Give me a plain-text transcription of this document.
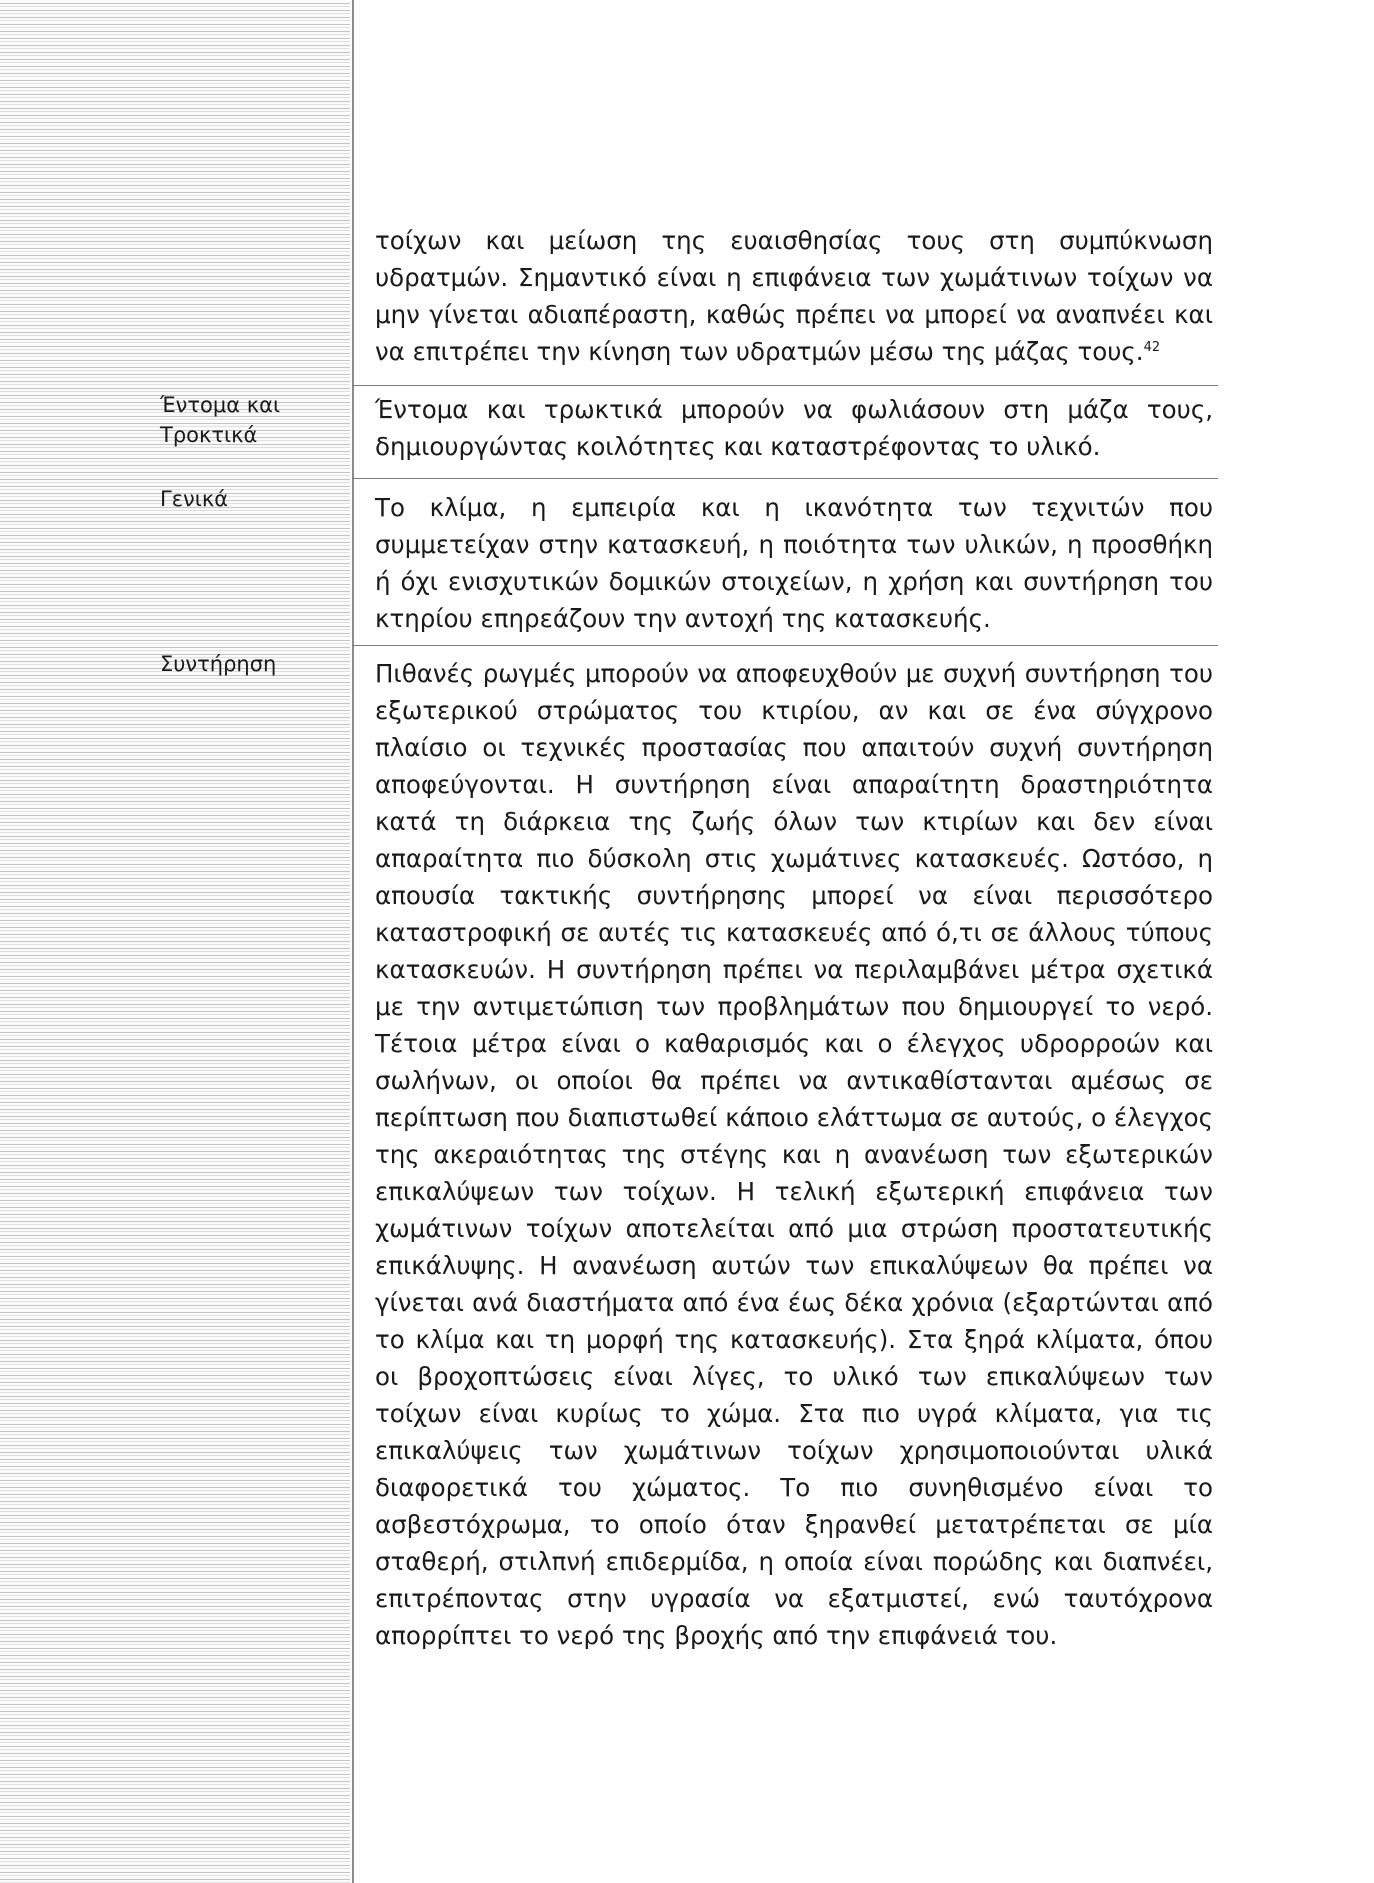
τοίχων και μείωση της ευαισθησίας τους στη συμπύκνωση υδρατμών. Σημαντικό είναι η επιφάνεια των χωμάτινων τοίχων να μην γίνεται αδιαπέραστη, καθώς πρέπει να μπορεί να αναπνέει και να επιτρέπει την κίνηση των υδρατμών μέσω της μάζας τους.$^{42}$

Έντομα και
Τρoκτικά

Έντομα και τρωκτικά μπορούν να φωλιάσουν στη μάζα τους, δημιουργώντας κοιλότητες και καταστρέφοντας το υλικό.

Γενικά	Το κλίμα, η εμπειρία και η ικανότητα των τεχνιτών που συμμετείχαν στην κατασκευή, η ποιότητα των υλικών, η προσθήκη ή όχι ενισχυτικών δομικών στοιχείων, η χρήση και συντήρηση του κτηρίου επηρεάζουν την αντοχή της κατασκευής.

Συντήρηση	Πιθανές ρωγμές μπορούν να αποφευχθούν με συχνή συντήρηση του εξωτερικού στρώματος του κτιρίου, αν και σε ένα σύγχρονο πλαίσιο οι τεχνικές προστασίας που απαιτούν συχνή συντήρηση αποφεύγονται. Η συντήρηση είναι απαραίτητη δραστηριότητα κατά τη διάρκεια της ζωής όλων των κτιρίων και δεν είναι απαραίτητα πιο δύσκολη στις χωμάτινες κατασκευές. Ωστόσο, η απουσία τακτικής συντήρησης μπορεί να είναι περισσότερο καταστροφική σε αυτές τις κατασκευές από ό,τι σε άλλους τύπους κατασκευών. Η συντήρηση πρέπει να περιλαμβάνει μέτρα σχετικά με την αντιμετώπιση των προβλημάτων που δημιουργεί το νερό. Τέτοια μέτρα είναι ο καθαρισμός και ο έλεγχος υδρορροών και σωλήνων, οι οποίοι θα πρέπει να αντικαθίστανται αμέσως σε περίπτωση που διαπιστωθεί κάποιο ελάττωμα σε αυτούς, ο έλεγχος της ακεραιότητας της στέγης και η ανανέωση των εξωτερικών επικαλύψεων των τοίχων. Η τελική εξωτερική επιφάνεια των χωμάτινων τοίχων αποτελείται από μια στρώση προστατευτικής επικάλυψης. Η ανανέωση αυτών των επικαλύψεων θα πρέπει να γίνεται ανά διαστήματα από ένα έως δέκα χρόνια (εξαρτώνται από το κλίμα και τη μορφή της κατασκευής). Στα ξηρά κλίματα, όπου οι βροχοπτώσεις είναι λίγες, το υλικό των επικαλύψεων των τοίχων είναι κυρίως το χώμα. Στα πιο υγρά κλίματα, για τις επικαλύψεις των χωμάτινων τοίχων χρησιμοποιούνται υλικά διαφορετικά του χώματος. Το πιο συνηθισμένο είναι το ασβεστόχρωμα, το οποίο όταν ξηρανθεί μετατρέπεται σε μία σταθερή, στιλπνή επιδερμίδα, η οποία είναι πορώδης και διαπνέει, επιτρέποντας στην υγρασία να εξατμιστεί, ενώ ταυτόχρονα απορρίπτει το νερό της βροχής από την επιφάνειά του.
